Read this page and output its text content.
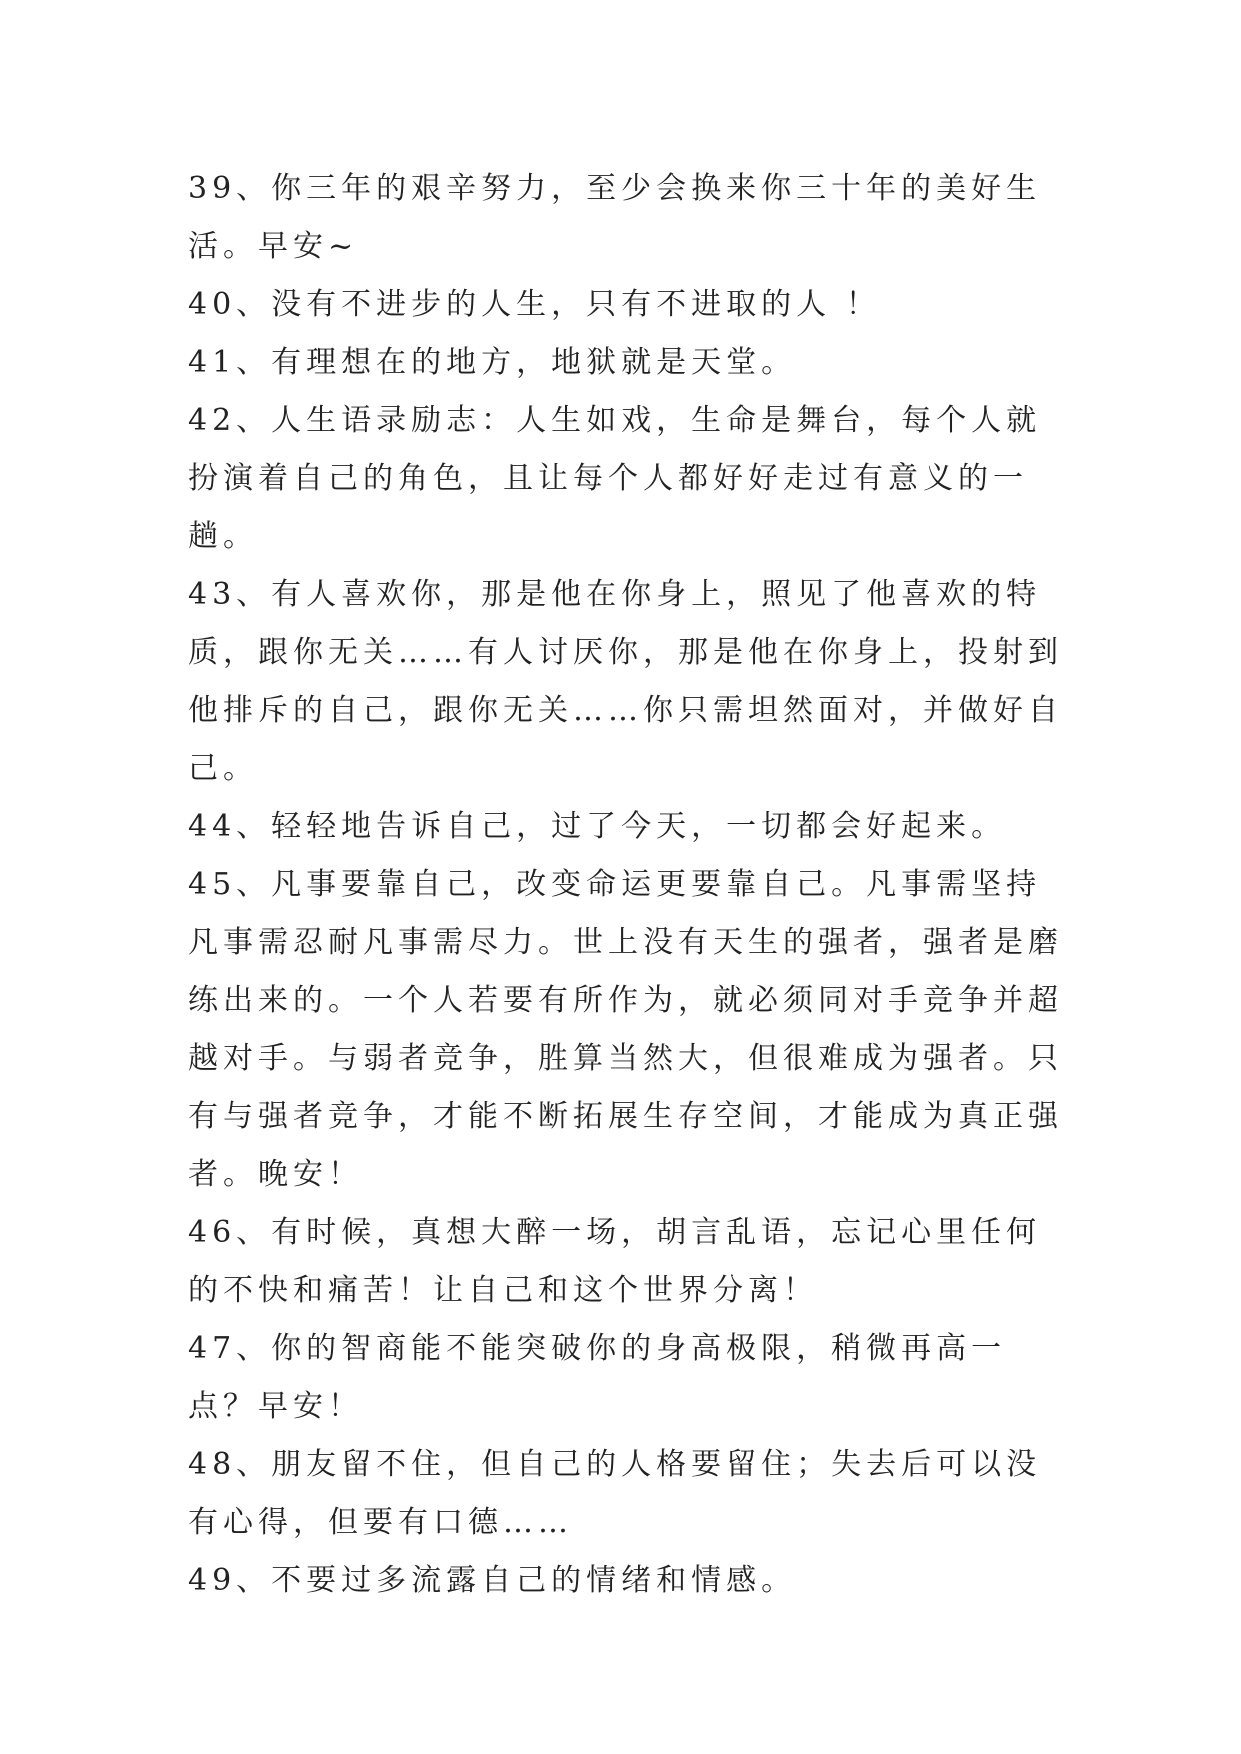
39、你三年的艰辛努力，至少会换来你三十年的美好生活。早安~

40、没有不进步的人生，只有不进取的人 ！

41、有理想在的地方，地狱就是天堂。

42、人生语录励志：人生如戏，生命是舞台，每个人就扮演着自己的角色，且让每个人都好好走过有意义的一趟。

43、有人喜欢你，那是他在你身上，照见了他喜欢的特质，跟你无关……有人讨厌你，那是他在你身上，投射到他排斥的自己，跟你无关……你只需坦然面对，并做好自己。

44、轻轻地告诉自己，过了今天，一切都会好起来。

45、凡事要靠自己，改变命运更要靠自己。凡事需坚持凡事需忍耐凡事需尽力。世上没有天生的强者，强者是磨练出来的。一个人若要有所作为，就必须同对手竞争并超越对手。与弱者竞争，胜算当然大，但很难成为强者。只有与强者竞争，才能不断拓展生存空间，才能成为真正强者。晚安！

46、有时候，真想大醉一场，胡言乱语，忘记心里任何的不快和痛苦！让自己和这个世界分离！

47、你的智商能不能突破你的身高极限，稍微再高一点？早安！

48、朋友留不住，但自己的人格要留住；失去后可以没有心得，但要有口德……

49、不要过多流露自己的情绪和情感。
